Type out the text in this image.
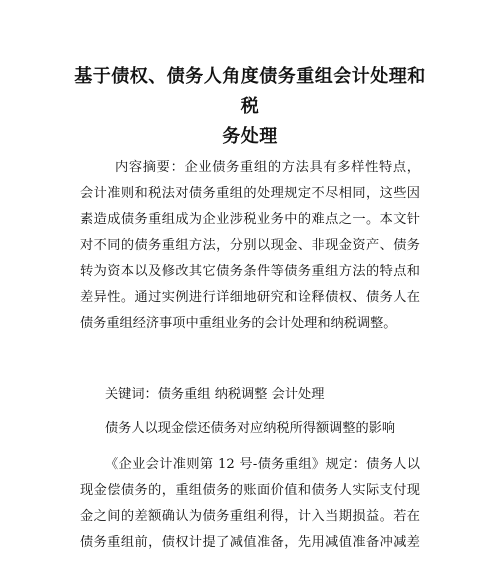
基于债权、债务人角度债务重组会计处理和税
务处理
内容摘要：企业债务重组的方法具有多样性特点，
会计准则和税法对债务重组的处理规定不尽相同，这些因
素造成债务重组成为企业涉税业务中的难点之一。本文针
对不同的债务重组方法，分别以现金、非现金资产、债务
转为资本以及修改其它债务条件等债务重组方法的特点和
差异性。通过实例进行详细地研究和诠释债权、债务人在
债务重组经济事项中重组业务的会计处理和纳税调整。
关键词：债务重组 纳税调整 会计处理
债务人以现金偿还债务对应纳税所得额调整的影响
《企业会计准则第 12 号-债务重组》规定：债务人以
现金偿债务的，重组债务的账面价值和债务人实际支付现
金之间的差额确认为债务重组利得，计入当期损益。若在
债务重组前，债权计提了减值准备，先用减值准备冲减差
